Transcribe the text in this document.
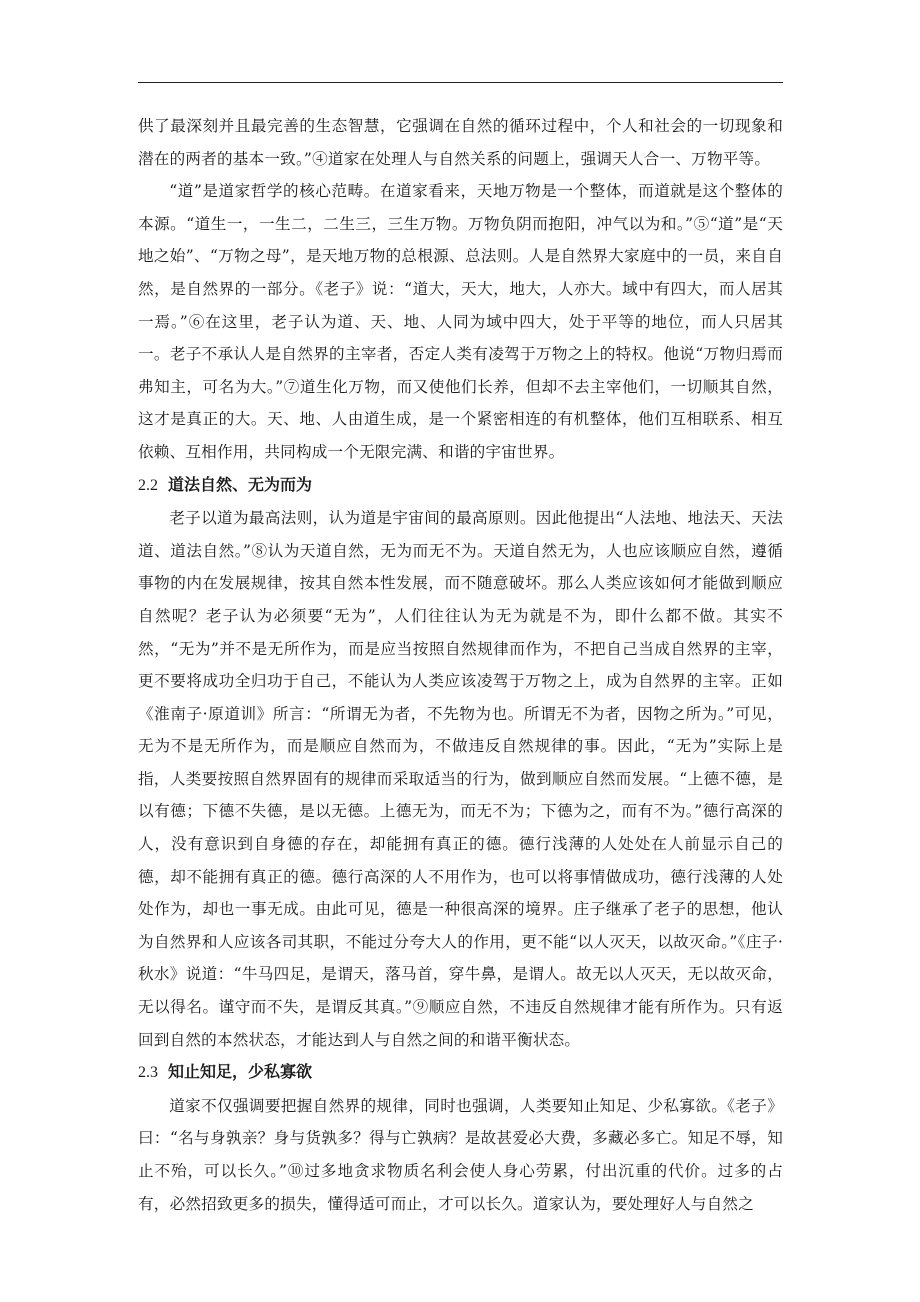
供了最深刻并且最完善的生态智慧，它强调在自然的循环过程中，个人和社会的一切现象和潜在的两者的基本一致。”④道家在处理人与自然关系的问题上，强调天人合一、万物平等。

“道”是道家哲学的核心范畴。在道家看来，天地万物是一个整体，而道就是这个整体的本源。“道生一，一生二，二生三，三生万物。万物负阴而抱阳，冲气以为和。”⑤“道”是“天地之始”、“万物之母”，是天地万物的总根源、总法则。人是自然界大家庭中的一员，来自自然，是自然界的一部分。《老子》说：“道大，天大，地大，人亦大。域中有四大，而人居其一焉。”⑥在这里，老子认为道、天、地、人同为域中四大，处于平等的地位，而人只居其一。老子不承认人是自然界的主宰者，否定人类有凌驾于万物之上的特权。他说“万物归焉而弗知主，可名为大。”⑦道生化万物，而又使他们长养，但却不去主宰他们，一切顺其自然，这才是真正的大。天、地、人由道生成，是一个紧密相连的有机整体，他们互相联系、相互依赖、互相作用，共同构成一个无限完满、和谐的宇宙世界。

2.2 道法自然、无为而为

老子以道为最高法则，认为道是宇宙间的最高原则。因此他提出“人法地、地法天、天法道、道法自然。”⑧认为天道自然，无为而无不为。天道自然无为，人也应该顺应自然，遵循事物的内在发展规律，按其自然本性发展，而不随意破坏。那么人类应该如何才能做到顺应自然呢？老子认为必须要“无为”，人们往往认为无为就是不为，即什么都不做。其实不然，“无为”并不是无所作为，而是应当按照自然规律而作为，不把自己当成自然界的主宰，更不要将成功全归功于自己，不能认为人类应该凌驾于万物之上，成为自然界的主宰。正如《淮南子·原道训》所言：“所谓无为者，不先物为也。所谓无不为者，因物之所为。”可见，无为不是无所作为，而是顺应自然而为，不做违反自然规律的事。因此，“无为”实际上是指，人类要按照自然界固有的规律而采取适当的行为，做到顺应自然而发展。“上德不德，是以有德；下德不失德，是以无德。上德无为，而无不为；下德为之，而有不为。”德行高深的人，没有意识到自身德的存在，却能拥有真正的德。德行浅薄的人处处在人前显示自己的德，却不能拥有真正的德。德行高深的人不用作为，也可以将事情做成功，德行浅薄的人处处作为，却也一事无成。由此可见，德是一种很高深的境界。庄子继承了老子的思想，他认为自然界和人应该各司其职，不能过分夸大人的作用，更不能“以人灭天，以故灭命。”《庄子·秋水》说道：“牛马四足，是谓天，落马首，穿牛鼻，是谓人。故无以人灭天，无以故灭命，无以得名。谨守而不失，是谓反其真。”⑨顺应自然，不违反自然规律才能有所作为。只有返回到自然的本然状态，才能达到人与自然之间的和谐平衡状态。

2.3 知止知足，少私寡欲

道家不仅强调要把握自然界的规律，同时也强调，人类要知止知足、少私寡欲。《老子》曰：“名与身孰亲？身与货孰多？得与亡孰病？是故甚爱必大费，多藏必多亡。知足不辱，知止不殆，可以长久。”⑩过多地贪求物质名利会使人身心劳累，付出沉重的代价。过多的占有，必然招致更多的损失，懂得适可而止，才可以长久。道家认为，要处理好人与自然之
